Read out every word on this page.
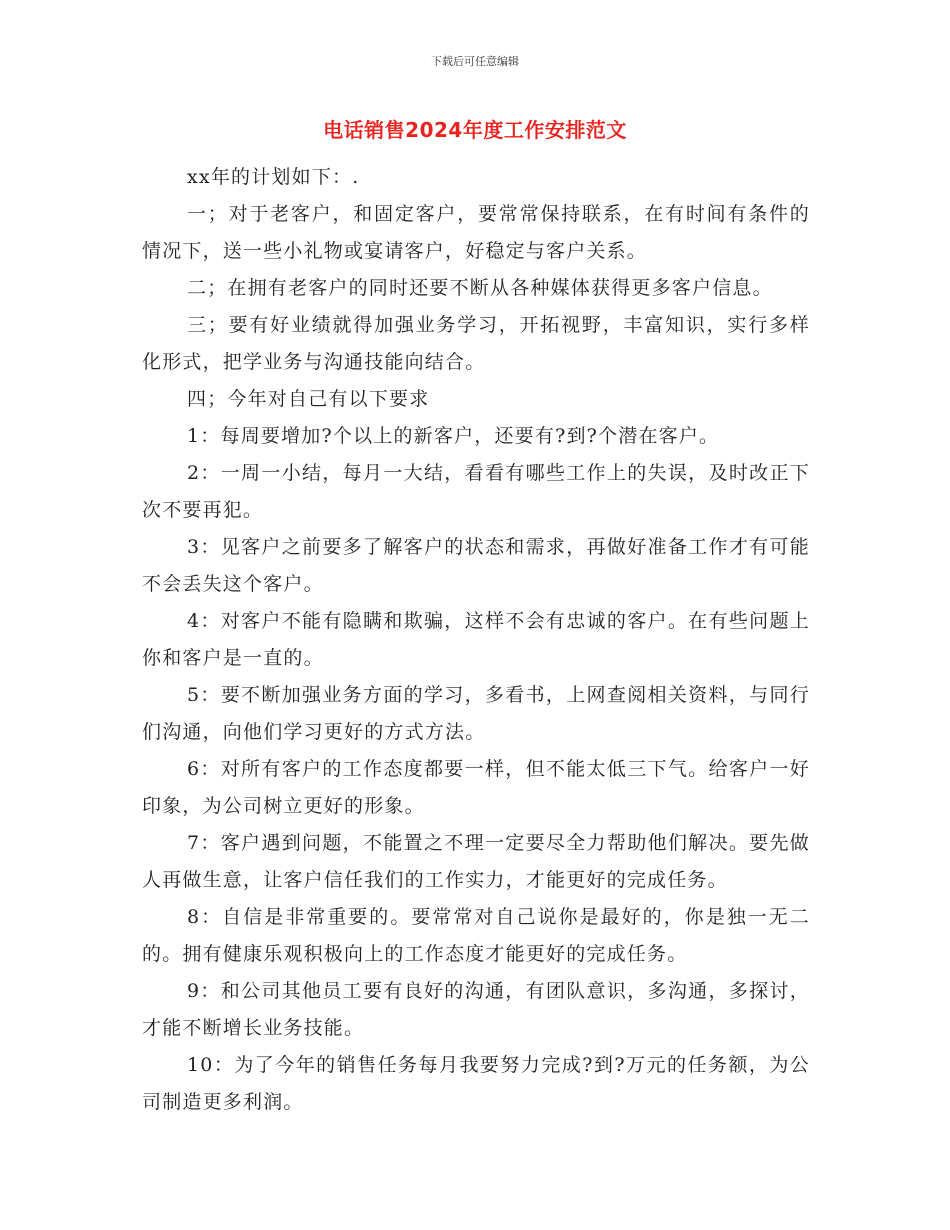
下载后可任意编辑
电话销售2024年度工作安排范文

xx年的计划如下：.

一；对于老客户，和固定客户，要常常保持联系，在有时间有条件的情况下，送一些小礼物或宴请客户，好稳定与客户关系。

二；在拥有老客户的同时还要不断从各种媒体获得更多客户信息。

三；要有好业绩就得加强业务学习，开拓视野，丰富知识，实行多样化形式，把学业务与沟通技能向结合。

四；今年对自己有以下要求

1：每周要增加?个以上的新客户，还要有?到?个潜在客户。

2：一周一小结，每月一大结，看看有哪些工作上的失误，及时改正下次不要再犯。

3：见客户之前要多了解客户的状态和需求，再做好准备工作才有可能不会丢失这个客户。

4：对客户不能有隐瞒和欺骗，这样不会有忠诚的客户。在有些问题上你和客户是一直的。

5：要不断加强业务方面的学习，多看书，上网查阅相关资料，与同行们沟通，向他们学习更好的方式方法。

6：对所有客户的工作态度都要一样，但不能太低三下气。给客户一好印象，为公司树立更好的形象。

7：客户遇到问题，不能置之不理一定要尽全力帮助他们解决。要先做人再做生意，让客户信任我们的工作实力，才能更好的完成任务。

8：自信是非常重要的。要常常对自己说你是最好的，你是独一无二的。拥有健康乐观积极向上的工作态度才能更好的完成任务。

9：和公司其他员工要有良好的沟通，有团队意识，多沟通，多探讨，才能不断增长业务技能。

10：为了今年的销售任务每月我要努力完成?到?万元的任务额，为公司制造更多利润。
